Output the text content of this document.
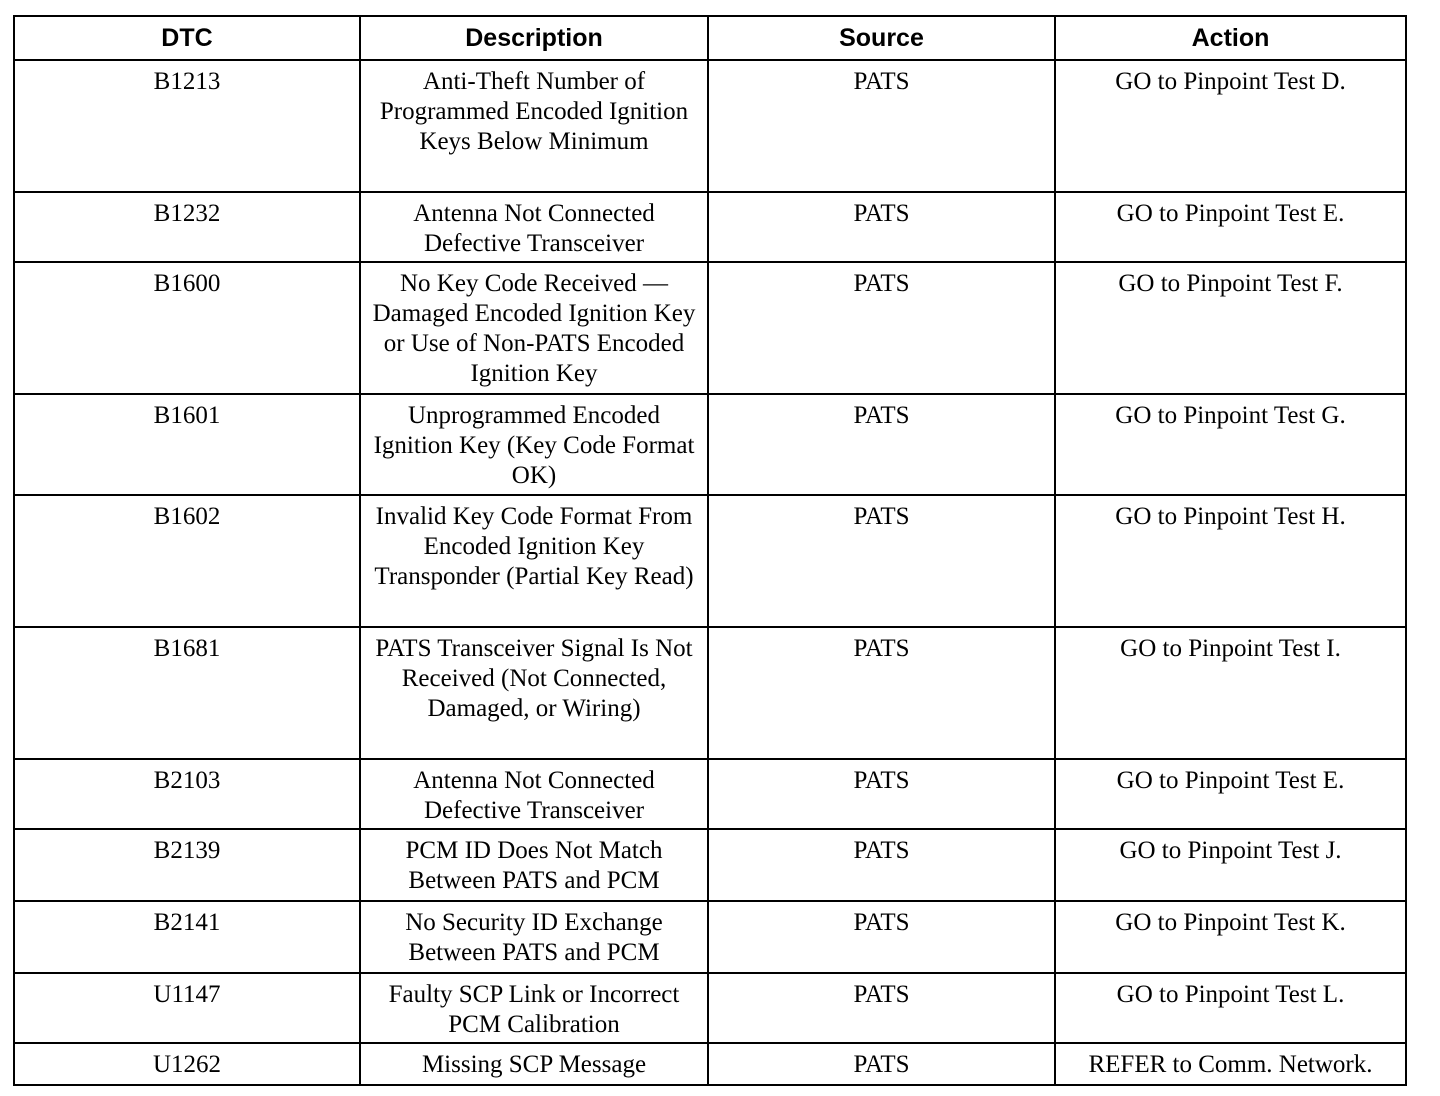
DTC	Description	Source	Action
B1213	Anti-Theft Number of Programmed Encoded Ignition Keys Below Minimum	PATS	GO to Pinpoint Test D.
B1232	Antenna Not Connected Defective Transceiver	PATS	GO to Pinpoint Test E.
B1600	No Key Code Received — Damaged Encoded Ignition Key or Use of Non-PATS Encoded Ignition Key	PATS	GO to Pinpoint Test F.
B1601	Unprogrammed Encoded Ignition Key (Key Code Format OK)	PATS	GO to Pinpoint Test G.
B1602	Invalid Key Code Format From Encoded Ignition Key Transponder (Partial Key Read)	PATS	GO to Pinpoint Test H.
B1681	PATS Transceiver Signal Is Not Received (Not Connected, Damaged, or Wiring)	PATS	GO to Pinpoint Test I.
B2103	Antenna Not Connected Defective Transceiver	PATS	GO to Pinpoint Test E.
B2139	PCM ID Does Not Match Between PATS and PCM	PATS	GO to Pinpoint Test J.
B2141	No Security ID Exchange Between PATS and PCM	PATS	GO to Pinpoint Test K.
U1147	Faulty SCP Link or Incorrect PCM Calibration	PATS	GO to Pinpoint Test L.
U1262	Missing SCP Message	PATS	REFER to Comm. Network.
